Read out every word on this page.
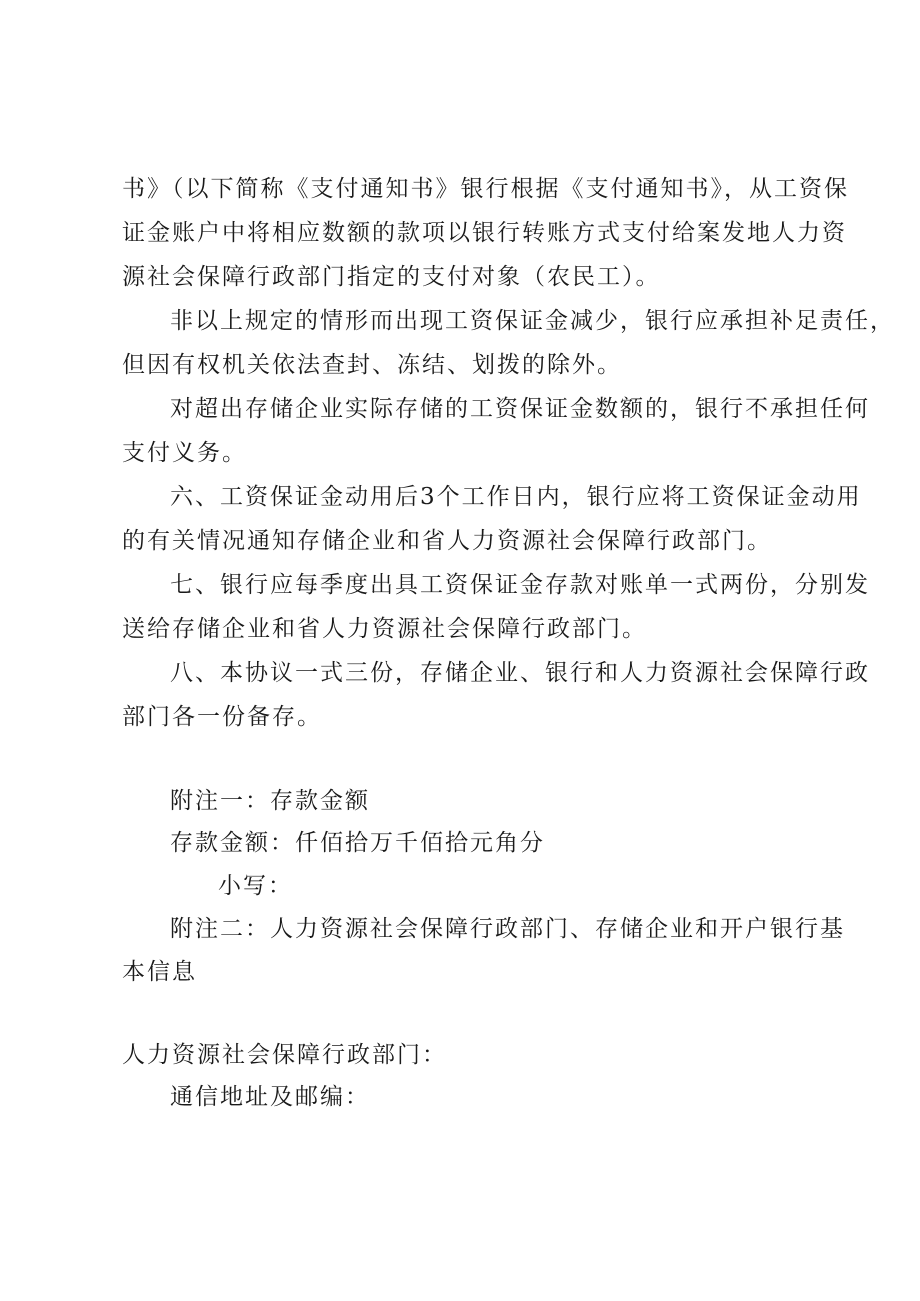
书》（以下简称《支付通知书》银行根据《支付通知书》，从工资保
证金账户中将相应数额的款项以银行转账方式支付给案发地人力资
源社会保障行政部门指定的支付对象（农民工）。
非以上规定的情形而出现工资保证金减少，银行应承担补足责任，
但因有权机关依法查封、冻结、划拨的除外。
对超出存储企业实际存储的工资保证金数额的，银行不承担任何
支付义务。
六、工资保证金动用后3个工作日内，银行应将工资保证金动用
的有关情况通知存储企业和省人力资源社会保障行政部门。
七、银行应每季度出具工资保证金存款对账单一式两份，分别发
送给存储企业和省人力资源社会保障行政部门。
八、本协议一式三份，存储企业、银行和人力资源社会保障行政
部门各一份备存。
附注一：存款金额
存款金额：仟佰拾万千佰拾元角分
小写：
附注二：人力资源社会保障行政部门、存储企业和开户银行基
本信息
人力资源社会保障行政部门：
通信地址及邮编：
